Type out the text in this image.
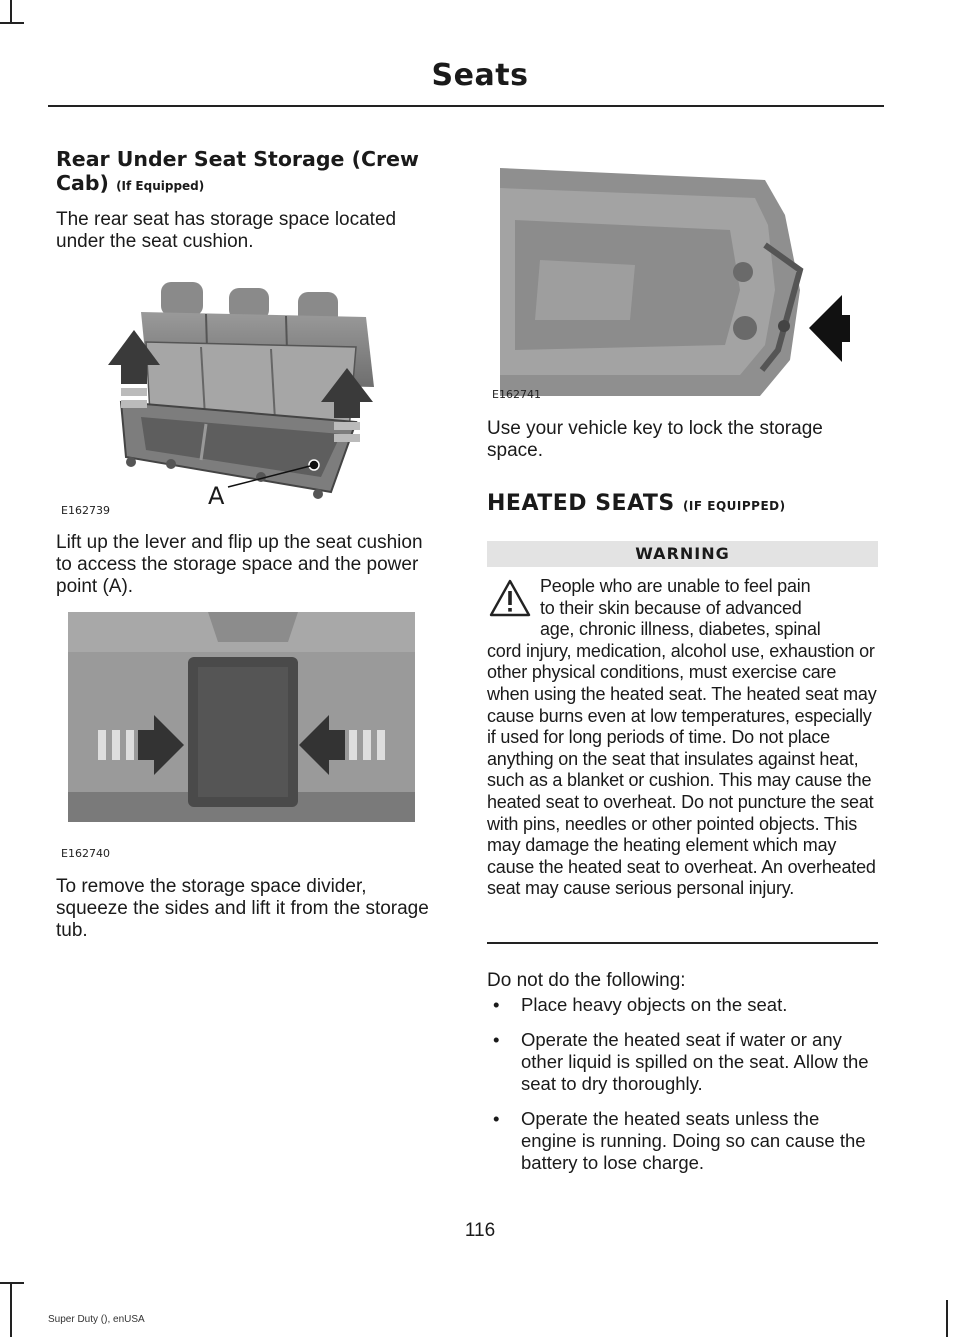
Seats

Rear Under Seat Storage (Crew Cab) (If Equipped)

The rear seat has storage space located under the seat cushion.

E162739
A

Lift up the lever and flip up the seat cushion to access the storage space and the power point (A).

E162740

To remove the storage space divider, squeeze the sides and lift it from the storage tub.

E162741

Use your vehicle key to lock the storage space.

HEATED SEATS (IF EQUIPPED)

WARNING
People who are unable to feel pain
to their skin because of advanced
age, chronic illness, diabetes, spinal
cord injury, medication, alcohol use, exhaustion or other physical conditions, must exercise care when using the heated seat. The heated seat may cause burns even at low temperatures, especially if used for long periods of time. Do not place anything on the seat that insulates against heat, such as a blanket or cushion. This may cause the heated seat to overheat. Do not puncture the seat with pins, needles or other pointed objects. This may damage the heating element which may cause the heated seat to overheat. An overheated seat may cause serious personal injury.

Do not do the following:

• Place heavy objects on the seat.
• Operate the heated seat if water or any other liquid is spilled on the seat. Allow the seat to dry thoroughly.
• Operate the heated seats unless the engine is running. Doing so can cause the battery to lose charge.
116
Super Duty (), enUSA
